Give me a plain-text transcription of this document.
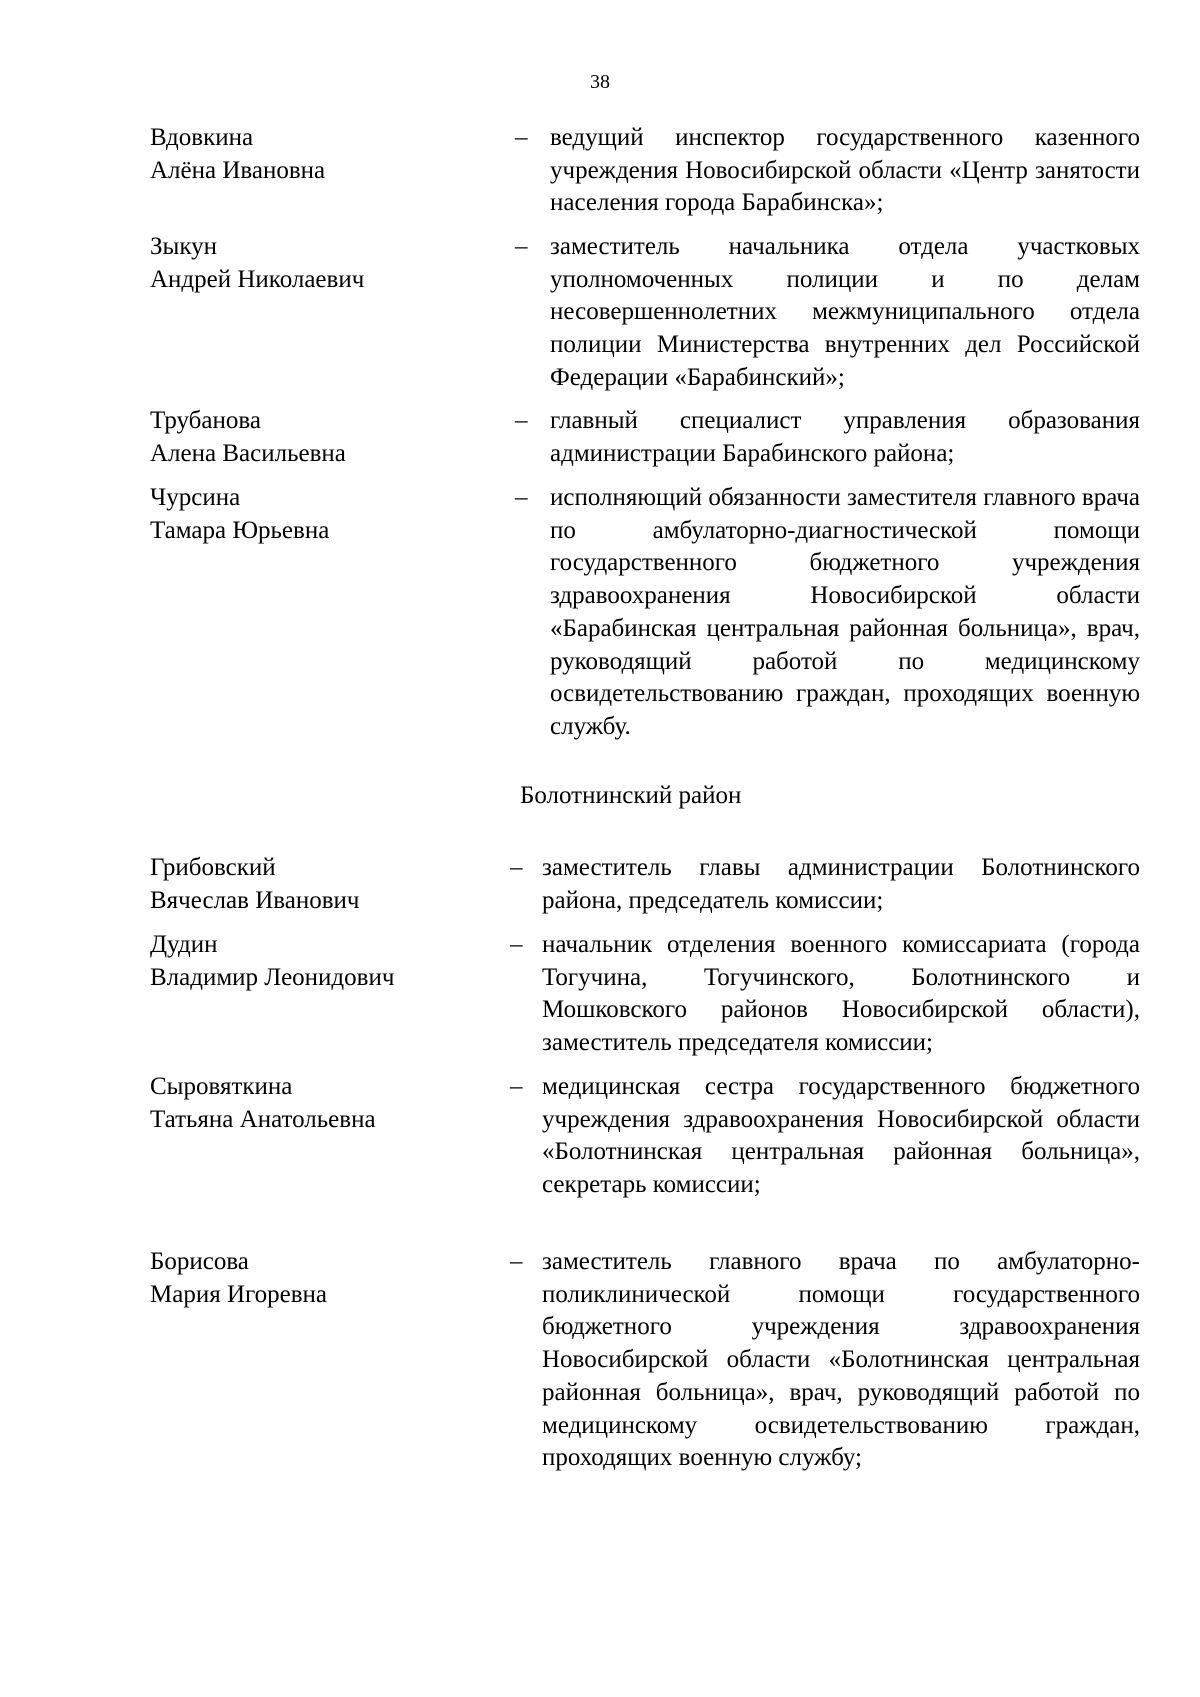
38
Вдовкина
Алёна Ивановна
– ведущий инспектор государственного казенного учреждения Новосибирской области «Центр занятости населения города Барабинска»;
Зыкун
Андрей Николаевич
– заместитель начальника отдела участковых уполномоченных полиции и по делам несовершеннолетних межмуниципального отдела полиции Министерства внутренних дел Российской Федерации «Барабинский»;
Трубанова
Алена Васильевна
– главный специалист управления образования администрации Барабинского района;
Чурсина
Тамара Юрьевна
– исполняющий обязанности заместителя главного врача по амбулаторно-диагностической помощи государственного бюджетного учреждения здравоохранения Новосибирской области «Барабинская центральная районная больница», врач, руководящий работой по медицинскому освидетельствованию граждан, проходящих военную службу.
Болотнинский район
Грибовский
Вячеслав Иванович
– заместитель главы администрации Болотнинского района, председатель комиссии;
Дудин
Владимир Леонидович
– начальник отделения военного комиссариата (города Тогучина, Тогучинского, Болотнинского и Мошковского районов Новосибирской области), заместитель председателя комиссии;
Сыровяткина
Татьяна Анатольевна
– медицинская сестра государственного бюджетного учреждения здравоохранения Новосибирской области «Болотнинская центральная районная больница», секретарь комиссии;
Борисова
Мария Игоревна
– заместитель главного врача по амбулаторно-поликлинической помощи государственного бюджетного учреждения здравоохранения Новосибирской области «Болотнинская центральная районная больница», врач, руководящий работой по медицинскому освидетельствованию граждан, проходящих военную службу;
